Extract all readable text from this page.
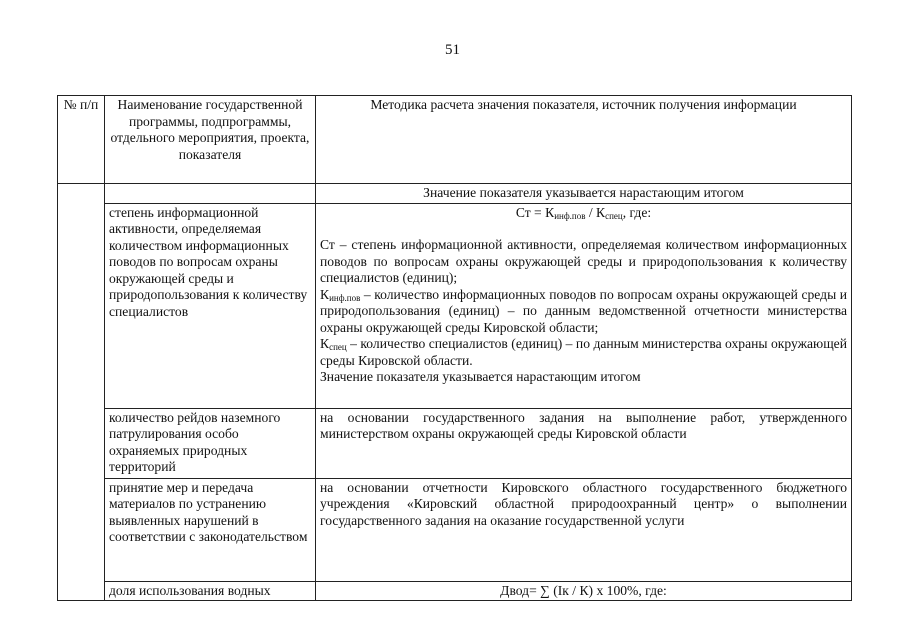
51
№ п/п	Наименование государственной программы, подпрограммы, отдельного мероприятия, проекта, показателя	Методика расчета значения показателя, источник получения информации
		Значение показателя указывается нарастающим итогом
	степень информационной активности, определяемая количеством информационных поводов по вопросам охраны окружающей среды и природопользования к количеству специалистов	Ст = $К_{инф.пов} / К_{спец}$, где:

Ст – степень информационной активности, определяемая количеством информационных поводов по вопросам охраны окружающей среды и природопользования к количеству специалистов (единиц);

$К_{инф.пов}$ – количество информационных поводов по вопросам охраны окружающей среды и природопользования (единиц) – по данным ведомственной отчетности министерства охраны окружающей среды Кировской области;

$К_{спец}$ – количество специалистов (единиц) – по данным министерства охраны окружающей среды Кировской области.

Значение показателя указывается нарастающим итогом

	количество рейдов наземного патрулирования особо охраняемых природных территорий	на основании государственного задания на выполнение работ, утвержденного министерством охраны окружающей среды Кировской области
	принятие мер и передача материалов по устранению выявленных нарушений в соответствии с законодательством	на основании отчетности Кировского областного государственного бюджетного учреждения «Кировский областной природоохранный центр» о выполнении государственного задания на оказание государственной услуги
	доля использования водных	Двод= ∑ (Iк / К) х 100%, где:
